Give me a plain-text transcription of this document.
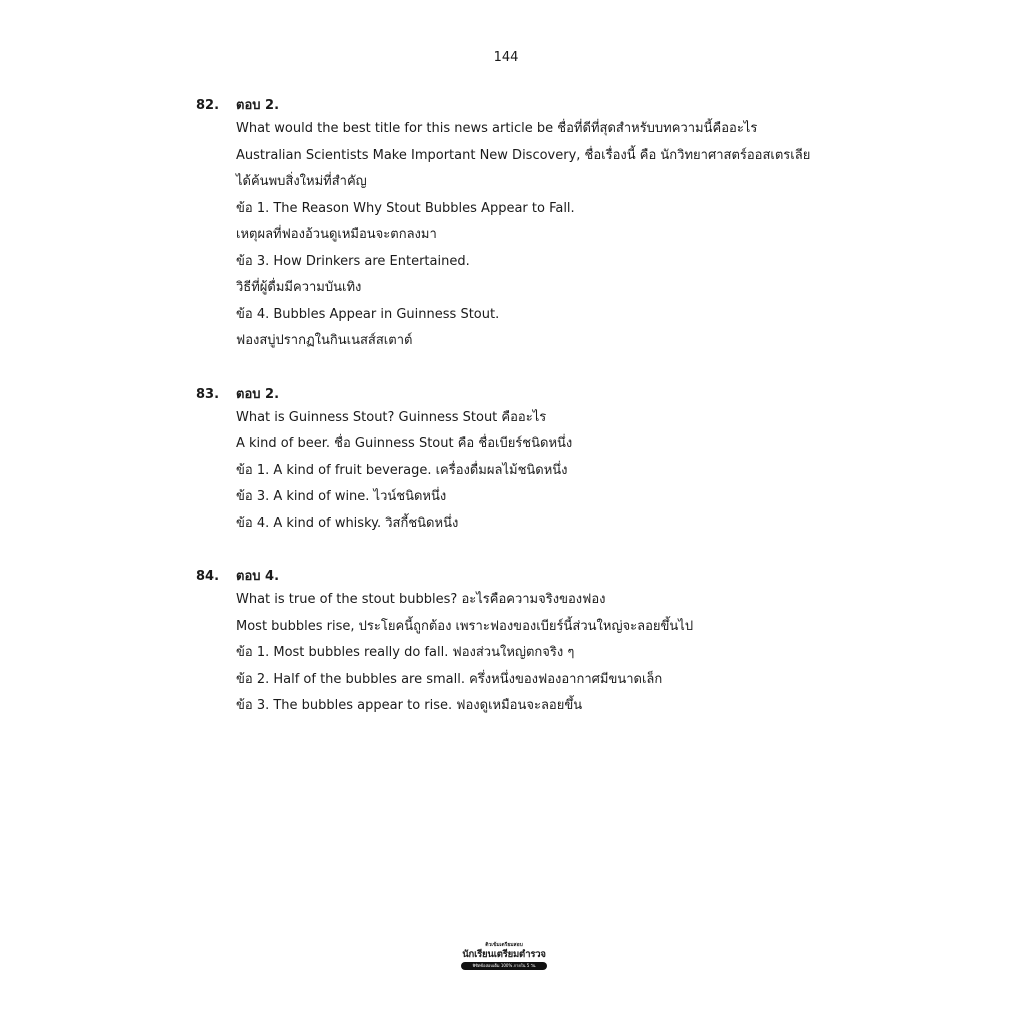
144
82.	ตอบ 2.
What would the best title for this news article be ชื่อที่ดีที่สุดสำหรับบทความนี้คืออะไร
Australian Scientists Make Important New Discovery, ชื่อเรื่องนี้ คือ นักวิทยาศาสตร์ออสเตรเลีย
ได้ค้นพบสิ่งใหม่ที่สำคัญ
ข้อ 1. The Reason Why Stout Bubbles Appear to Fall.
เหตุผลที่ฟองอ้วนดูเหมือนจะตกลงมา
ข้อ 3. How Drinkers are Entertained.
วิธีที่ผู้ดื่มมีความบันเทิง
ข้อ 4. Bubbles Appear in Guinness Stout.
ฟองสบู่ปรากฏในกินเนสส์สเตาต์
83.	ตอบ 2.
What is Guinness Stout? Guinness Stout คืออะไร
A kind of beer. ชื่อ Guinness Stout คือ ชื่อเบียร์ชนิดหนึ่ง
ข้อ 1. A kind of fruit beverage. เครื่องดื่มผลไม้ชนิดหนึ่ง
ข้อ 3. A kind of wine. ไวน์ชนิดหนึ่ง
ข้อ 4. A kind of whisky. วิสกี้ชนิดหนึ่ง
84.	ตอบ 4.
What is true of the stout bubbles? อะไรคือความจริงของฟอง
Most bubbles rise, ประโยคนี้ถูกต้อง เพราะฟองของเบียร์นี้ส่วนใหญ่จะลอยขึ้นไป
ข้อ 1. Most bubbles really do fall. ฟองส่วนใหญ่ตกจริง ๆ
ข้อ 2. Half of the bubbles are small. ครึ่งหนึ่งของฟองอากาศมีขนาดเล็ก
ข้อ 3. The bubbles appear to rise. ฟองดูเหมือนจะลอยขึ้น
ติวเข้มเตรียมสอบ
นักเรียนเตรียมตำรวจ
พิชิตข้อสอบเต็ม 100% ภายใน 5 วัน
